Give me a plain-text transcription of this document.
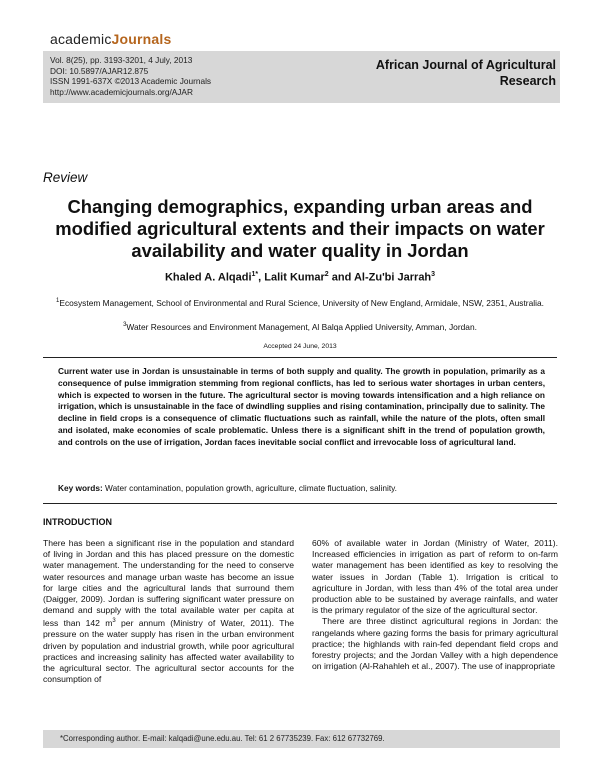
academicJournals
Vol. 8(25), pp. 3193-3201, 4 July, 2013
DOI: 10.5897/AJAR12.875
ISSN 1991-637X ©2013 Academic Journals
http://www.academicjournals.org/AJAR
African Journal of Agricultural
Research
Review
Changing demographics, expanding urban areas and modified agricultural extents and their impacts on water availability and water quality in Jordan
Khaled A. Alqadi$^{1*}$, Lalit Kumar$^2$ and Al-Zu'bi Jarrah$^3$
$^1$Ecosystem Management, School of Environmental and Rural Science, University of New England, Armidale, NSW, 2351, Australia.
$^3$Water Resources and Environment Management, Al Balqa Applied University, Amman, Jordan.
Accepted 24 June, 2013
Current water use in Jordan is unsustainable in terms of both supply and quality. The growth in population, primarily as a consequence of pulse immigration stemming from regional conflicts, has led to serious water shortages in urban centers, which is expected to worsen in the future. The agricultural sector is moving towards intensification and a high reliance on irrigation, which is unsustainable in the face of dwindling supplies and rising contamination, principally due to salinity. The decline in field crops is a consequence of climatic fluctuations such as rainfall, while the nature of the plots, often small and isolated, make economies of scale problematic. Unless there is a significant shift in the trend of population growth, and controls on the use of irrigation, Jordan faces inevitable social conflict and irrevocable loss of agricultural land.
Key words: Water contamination, population growth, agriculture, climate fluctuation, salinity.
INTRODUCTION

There has been a significant rise in the population and standard of living in Jordan and this has placed pressure on the domestic water management. The understanding for the need to conserve water resources and manage urban waste has become an issue for large cities and the agricultural lands that surround them (Daigger, 2009). Jordan is suffering significant water pressure on demand and supply with the total available water per capita at less than 142 $m^3$ per annum (Ministry of Water, 2011). The pressure on the water supply has risen in the urban environment driven by population and industrial growth, while poor agricultural practices and increasing salinity has affected water availability to the agricultural sector. The agricultural sector accounts for the consumption of

60% of available water in Jordan (Ministry of Water, 2011). Increased efficiencies in irrigation as part of reform to on-farm water management has been identified as key to resolving the water issues in Jordan (Table 1). Irrigation is critical to agriculture in Jordan, with less than 4% of the total area under production able to be sustained by average rainfalls, and water is the primary regulator of the size of the agricultural sector.

There are three distinct agricultural regions in Jordan: the rangelands where gazing forms the basis for primary agricultural practice; the highlands with rain-fed dependant field crops and forestry projects; and the Jordan Valley with a high dependence on irrigation (Al-Rahahleh et al., 2007). The use of inappropriate

*Corresponding author. E-mail: kalqadi@une.edu.au. Tel: 61 2 67735239. Fax: 612 67732769.
